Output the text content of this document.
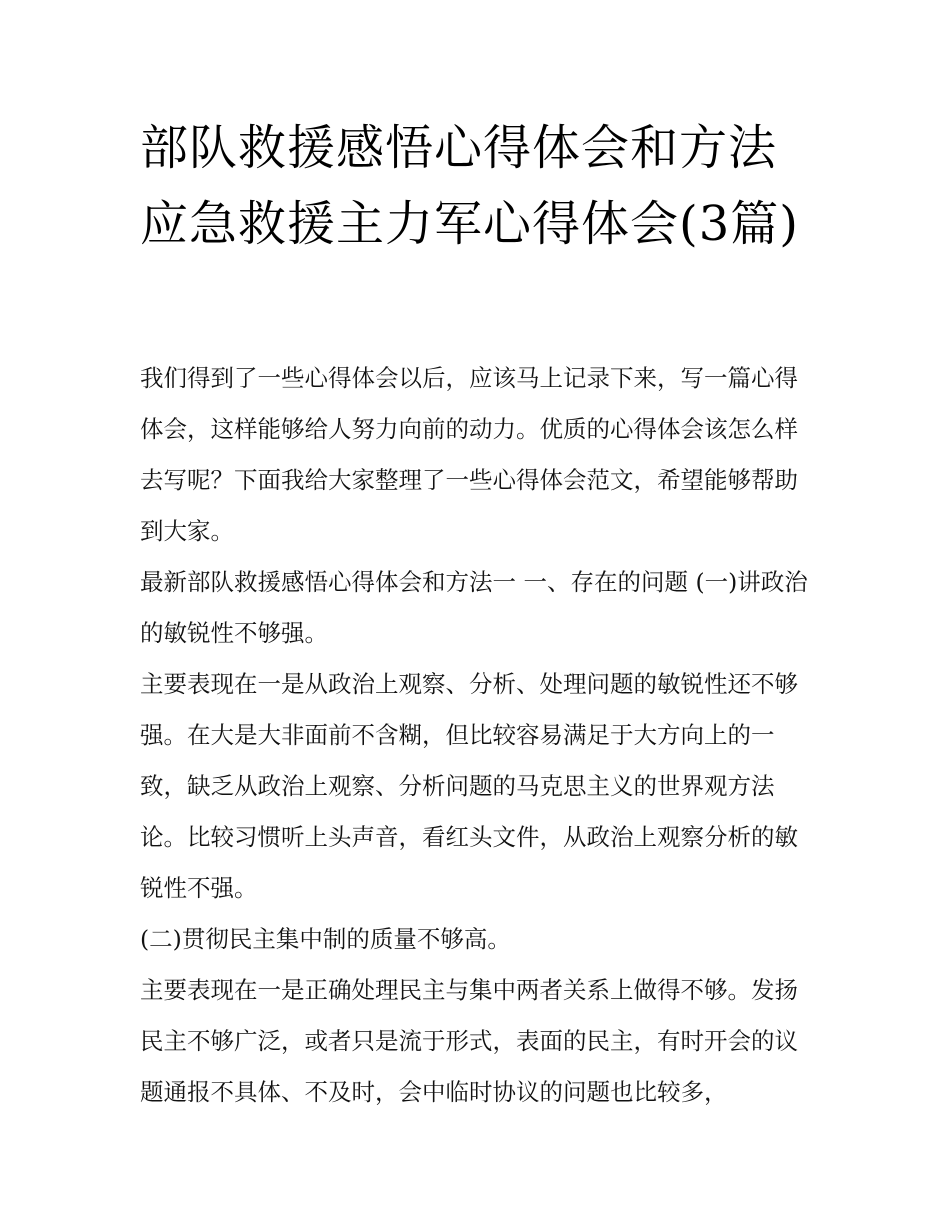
部队救援感悟心得体会和方法应急救援主力军心得体会(3篇)

我们得到了一些心得体会以后，应该马上记录下来，写一篇心得体会，这样能够给人努力向前的动力。优质的心得体会该怎么样去写呢？下面我给大家整理了一些心得体会范文，希望能够帮助到大家。

最新部队救援感悟心得体会和方法一 一、存在的问题 (一)讲政治的敏锐性不够强。

主要表现在一是从政治上观察、分析、处理问题的敏锐性还不够强。在大是大非面前不含糊，但比较容易满足于大方向上的一致，缺乏从政治上观察、分析问题的马克思主义的世界观方法论。比较习惯听上头声音，看红头文件，从政治上观察分析的敏锐性不强。

(二)贯彻民主集中制的质量不够高。

主要表现在一是正确处理民主与集中两者关系上做得不够。发扬民主不够广泛，或者只是流于形式，表面的民主，有时开会的议题通报不具体、不及时，会中临时协议的问题也比较多，
